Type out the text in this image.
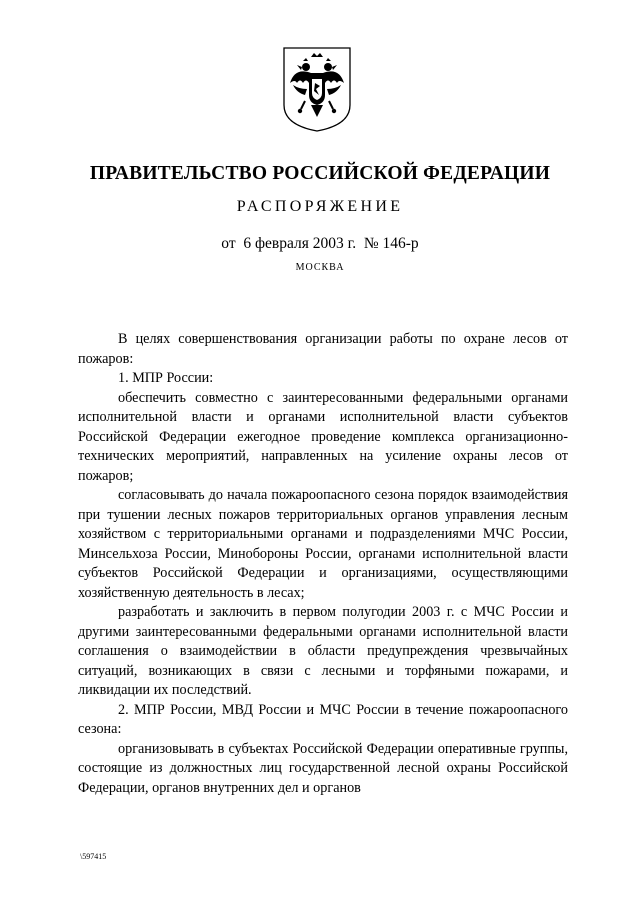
ПРАВИТЕЛЬСТВО РОССИЙСКОЙ ФЕДЕРАЦИИ
РАСПОРЯЖЕНИЕ
от  6 февраля 2003 г.  № 146-р
МОСКВА

В целях совершенствования организации работы по охране лесов от пожаров:

1. МПР России:

обеспечить совместно с заинтересованными федеральными органами исполнительной власти и органами исполнительной власти субъектов Российской Федерации ежегодное проведение комплекса организационно-технических мероприятий, направленных на усиление охраны лесов от пожаров;

согласовывать до начала пожароопасного сезона порядок взаимодействия при тушении лесных пожаров территориальных органов управления лесным хозяйством с территориальными органами и подразделениями МЧС России, Минсельхоза России, Минобороны России, органами исполнительной власти субъектов Российской Федерации и организациями, осуществляющими хозяйственную деятельность в лесах;

разработать и заключить в первом полугодии 2003 г. с МЧС России и другими заинтересованными федеральными органами исполнительной власти соглашения о взаимодействии в области предупреждения чрезвычайных ситуаций, возникающих в связи с лесными и торфяными пожарами, и ликвидации их последствий.

2. МПР России, МВД России и МЧС России в течение пожароопасного сезона:

организовывать в субъектах Российской Федерации оперативные группы, состоящие из должностных лиц государственной лесной охраны Российской Федерации, органов внутренних дел и органов

\597415
